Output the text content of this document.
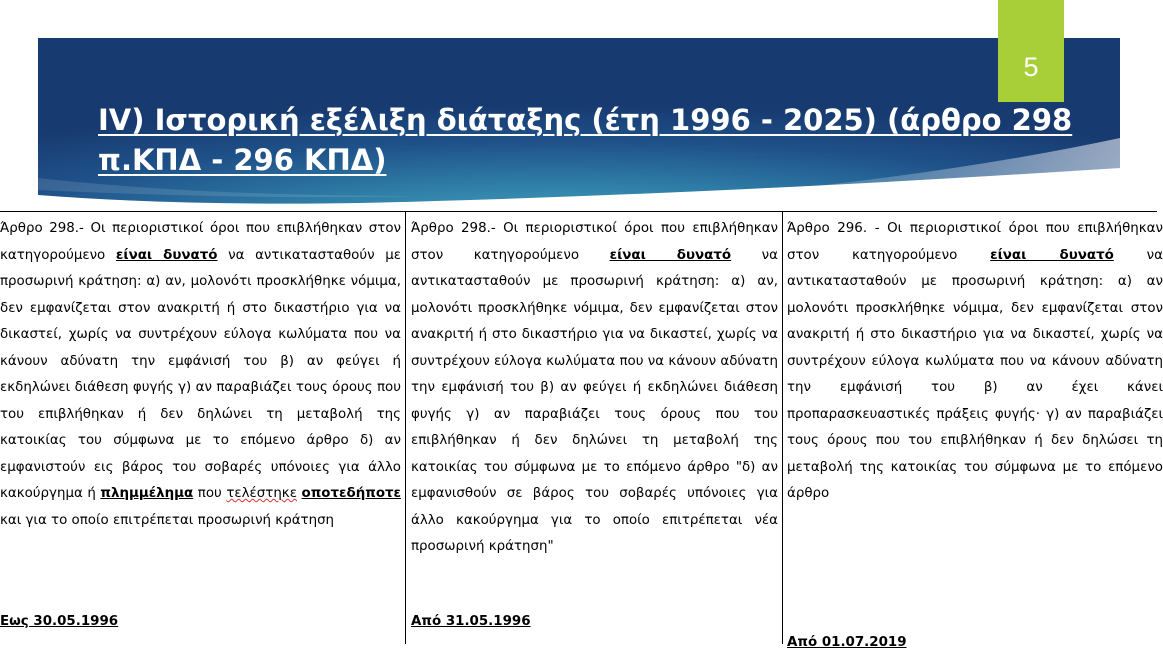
IV) Ιστορική εξέλιξη διάταξης (έτη 1996 - 2025) (άρθρο 298 π.ΚΠΔ - 296 ΚΠΔ)
5

Άρθρο 298.- Οι περιοριστικοί όροι που επιβλήθηκαν στον κατηγορούμενο είναι δυνατό να αντικατασταθούν με προσωρινή κράτηση: α) αν, μολονότι προσκλήθηκε νόμιμα, δεν εμφανίζεται στον ανακριτή ή στο δικαστήριο για να δικαστεί, χωρίς να συντρέχουν εύλογα κωλύματα που να κάνουν αδύνατη την εμφάνισή του β) αν φεύγει ή εκδηλώνει διάθεση φυγής γ) αν παραβιάζει τους όρους που του επιβλήθηκαν ή δεν δηλώνει τη μεταβολή της κατοικίας του σύμφωνα με το επόμενο άρθρο δ) αν εμφανιστούν εις βάρος του σοβαρές υπόνοιες για άλλο κακούργημα ή πλημμέλημα που τελέστηκε οποτεδήποτε και για το οποίο επιτρέπεται προσωρινή κράτηση

Εως 30.05.1996

Άρθρο 298.- Οι περιοριστικοί όροι που επιβλήθηκαν στον κατηγορούμενο είναι δυνατό να αντικατασταθούν με προσωρινή κράτηση: α) αν, μολονότι προσκλήθηκε νόμιμα, δεν εμφανίζεται στον ανακριτή ή στο δικαστήριο για να δικαστεί, χωρίς να συντρέχουν εύλογα κωλύματα που να κάνουν αδύνατη την εμφάνισή του β) αν φεύγει ή εκδηλώνει διάθεση φυγής γ) αν παραβιάζει τους όρους που του επιβλήθηκαν ή δεν δηλώνει τη μεταβολή της κατοικίας του σύμφωνα με το επόμενο άρθρο "δ) αν εμφανισθούν σε βάρος του σοβαρές υπόνοιες για άλλο κακούργημα για το οποίο επιτρέπεται νέα προσωρινή κράτηση"

Από 31.05.1996

Άρθρο 296. - Οι περιοριστικοί όροι που επιβλήθηκαν στον κατηγορούμενο είναι δυνατό να αντικατασταθούν με προσωρινή κράτηση: α) αν μολονότι προσκλήθηκε νόμιμα, δεν εμφανίζεται στον ανακριτή ή στο δικαστήριο για να δικαστεί, χωρίς να συντρέχουν εύλογα κωλύματα που να κάνουν αδύνατη την εμφάνισή του β) αν έχει κάνει προπαρασκευαστικές πράξεις φυγής· γ) αν παραβιάζει τους όρους που του επιβλήθηκαν ή δεν δηλώσει τη μεταβολή της κατοικίας του σύμφωνα με το επόμενο άρθρο

Από 01.07.2019
